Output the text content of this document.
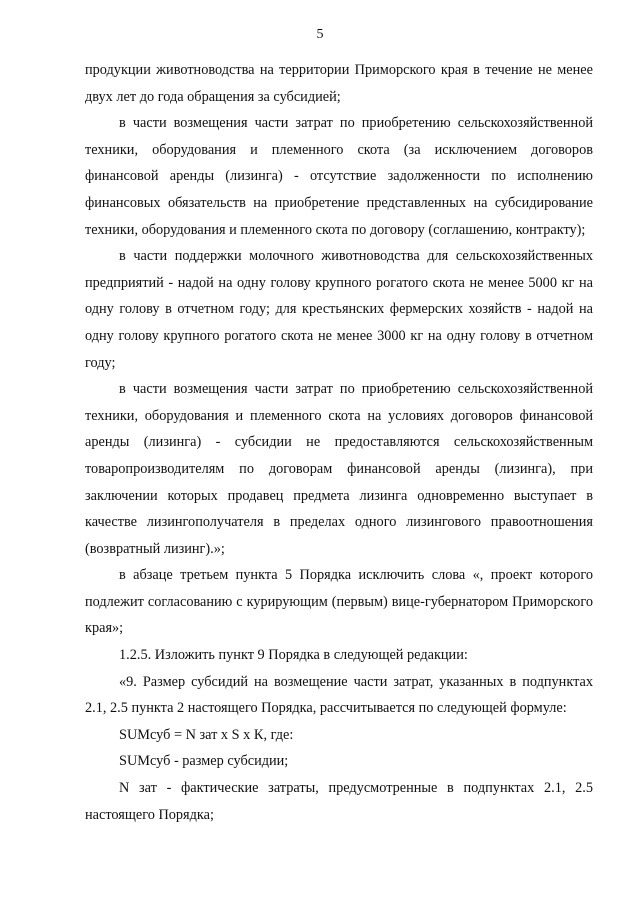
5

продукции животноводства на территории Приморского края в течение не менее двух лет до года обращения за субсидией;

в части возмещения части затрат по приобретению сельскохозяйственной техники, оборудования и племенного скота (за исключением договоров финансовой аренды (лизинга) - отсутствие задолженности по исполнению финансовых обязательств на приобретение представленных на субсидирование техники, оборудования и племенного скота по договору (соглашению, контракту);

в части поддержки молочного животноводства для сельскохозяйственных предприятий - надой на одну голову крупного рогатого скота не менее 5000 кг на одну голову в отчетном году; для крестьянских фермерских хозяйств - надой на одну голову крупного рогатого скота не менее 3000 кг на одну голову в отчетном году;

в части возмещения части затрат по приобретению сельскохозяйственной техники, оборудования и племенного скота на условиях договоров финансовой аренды (лизинга) - субсидии не предоставляются сельскохозяйственным товаропроизводителям по договорам финансовой аренды (лизинга), при заключении которых продавец предмета лизинга одновременно выступает в качестве лизингополучателя в пределах одного лизингового правоотношения (возвратный лизинг).»;

в абзаце третьем пункта 5 Порядка исключить слова «, проект которого подлежит согласованию с курирующим (первым) вице-губернатором Приморского края»;

1.2.5. Изложить пункт 9 Порядка в следующей редакции:

«9. Размер субсидий на возмещение части затрат, указанных в подпунктах 2.1, 2.5 пункта 2 настоящего Порядка, рассчитывается по следующей формуле:

SUMсуб = N зат x S x К, где:

SUMсуб - размер субсидии;

N зат - фактические затраты, предусмотренные в подпунктах 2.1, 2.5 настоящего Порядка;
